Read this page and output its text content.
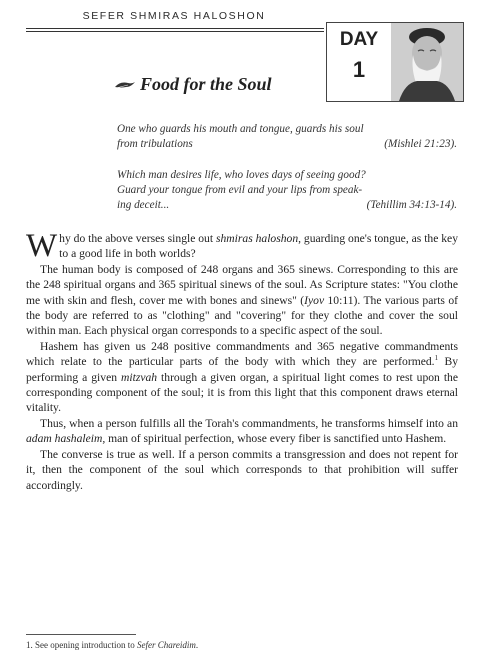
SEFER SHMIRAS HALOSHON
DAY
1
Food for the Soul
One who guards his mouth and tongue, guards his soul
from tribulations	(Mishlei 21:23).
Which man desires life, who loves days of seeing good?
Guard your tongue from evil and your lips from speak-
ing deceit...	(Tehillim 34:13-14).

Why do the above verses single out shmiras haloshon, guarding one's tongue, as the key to a good life in both worlds?

The human body is composed of 248 organs and 365 sinews. Corresponding to this are the 248 spiritual organs and 365 spiritual sinews of the soul. As Scripture states: "You clothe me with skin and flesh, cover me with bones and sinews" (Iyov 10:11). The various parts of the body are referred to as "clothing" and "covering" for they clothe and cover the soul within man. Each physical organ corresponds to a specific aspect of the soul.

Hashem has given us 248 positive commandments and 365 negative commandments which relate to the particular parts of the body with which they are performed.$^1$ By performing a given mitzvah through a given organ, a spiritual light comes to rest upon the corresponding component of the soul; it is from this light that this component draws eternal vitality.

Thus, when a person fulfills all the Torah's commandments, he transforms himself into an adam hashaleim, man of spiritual perfection, whose every fiber is sanctified unto Hashem.

The converse is true as well. If a person commits a transgression and does not repent for it, then the component of the soul which corresponds to that prohibition will suffer accordingly.

1. See opening introduction to Sefer Chareidim.
